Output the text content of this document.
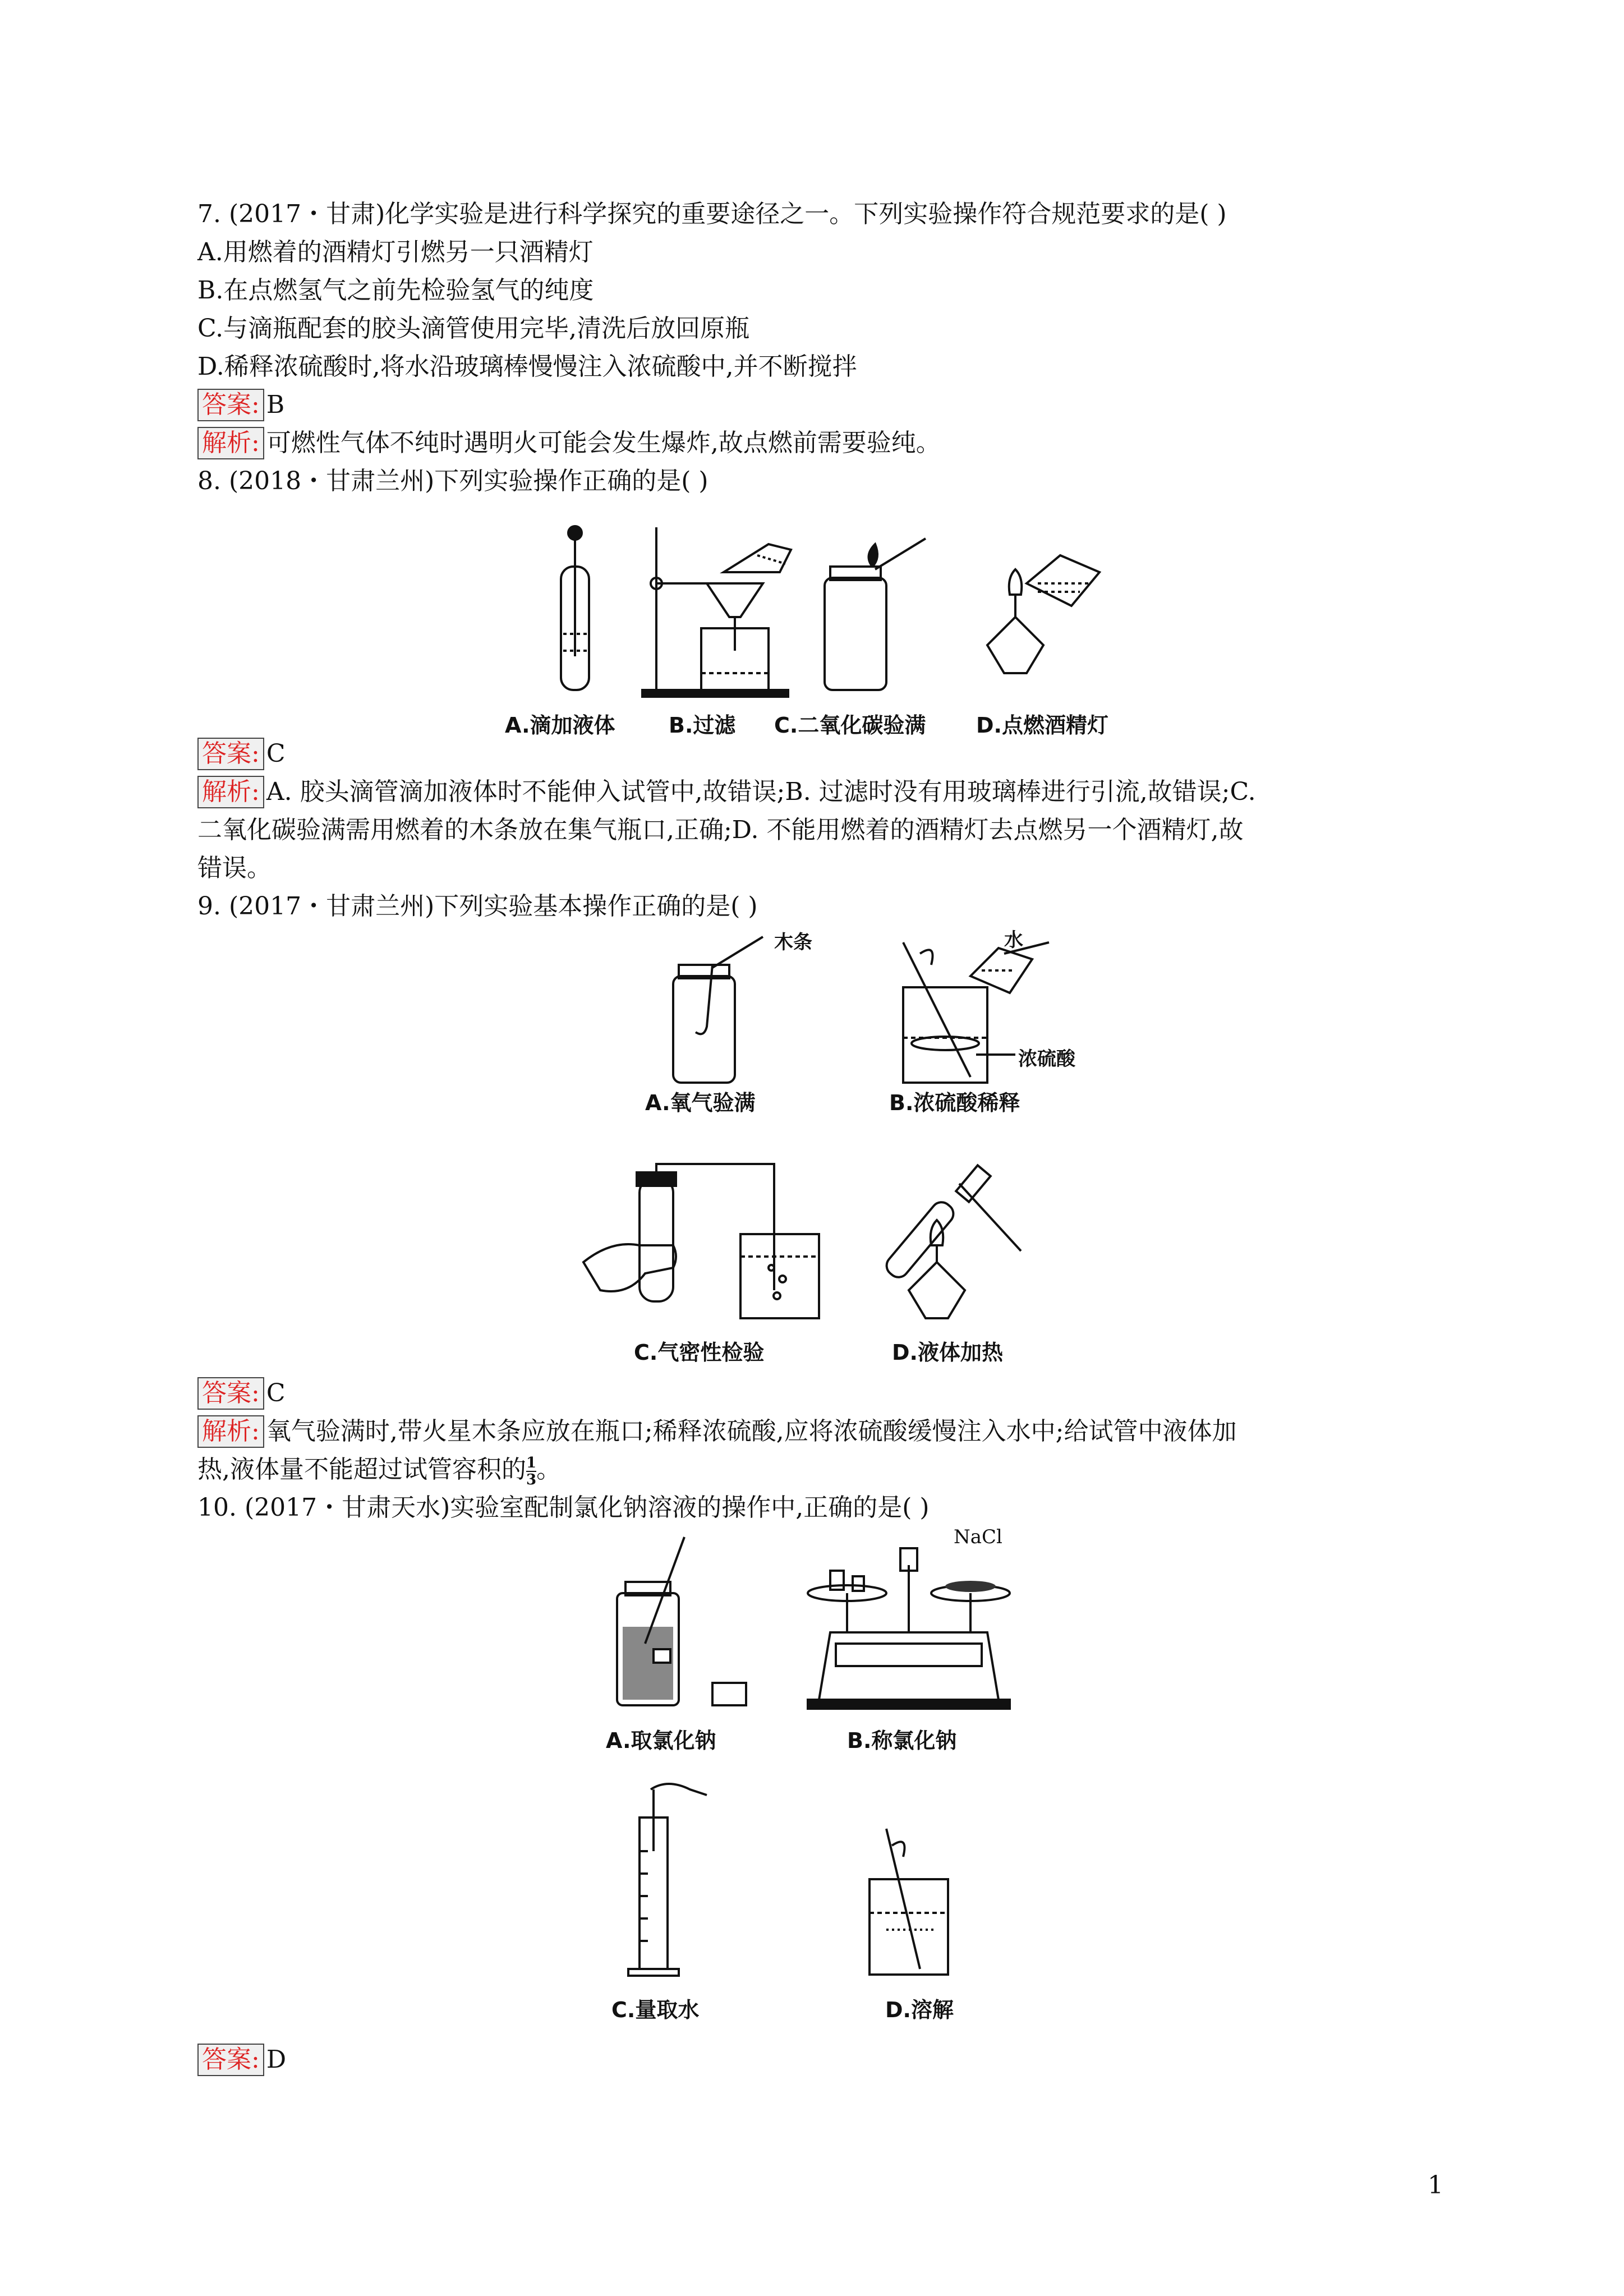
7. (2017・甘肃)化学实验是进行科学探究的重要途径之一。下列实验操作符合规范要求的是( )
A.用燃着的酒精灯引燃另一只酒精灯
B.在点燃氢气之前先检验氢气的纯度
C.与滴瓶配套的胶头滴管使用完毕,清洗后放回原瓶
D.稀释浓硫酸时,将水沿玻璃棒慢慢注入浓硫酸中,并不断搅拌
答案: B
解析: 可燃性气体不纯时遇明火可能会发生爆炸,故点燃前需要验纯。
8. (2018・甘肃兰州)下列实验操作正确的是( )
A.滴加液体	B.过滤 C.二氧化碳验满 D.点燃酒精灯
答案: C
解析: A. 胶头滴管滴加液体时不能伸入试管中,故错误;B. 过滤时没有用玻璃棒进行引流,故错误;C.
二氧化碳验满需用燃着的木条放在集气瓶口,正确;D. 不能用燃着的酒精灯去点燃另一个酒精灯,故
错误。
9. (2017・甘肃兰州)下列实验基本操作正确的是( )
木条	水
浓硫酸
A.氧气验满	B.浓硫酸稀释
C.气密性检验	D.液体加热
答案: C
解析: 氧气验满时,带火星木条应放在瓶口;稀释浓硫酸,应将浓硫酸缓慢注入水中;给试管中液体加
热,液体量不能超过试管容积的 $\frac{1}{3}$ 。
10. (2017・甘肃天水)实验室配制氯化钠溶液的操作中,正确的是( )
NaCl
A.取氯化钠	B.称氯化钠
C.量取水	D.溶解
答案: D
1
